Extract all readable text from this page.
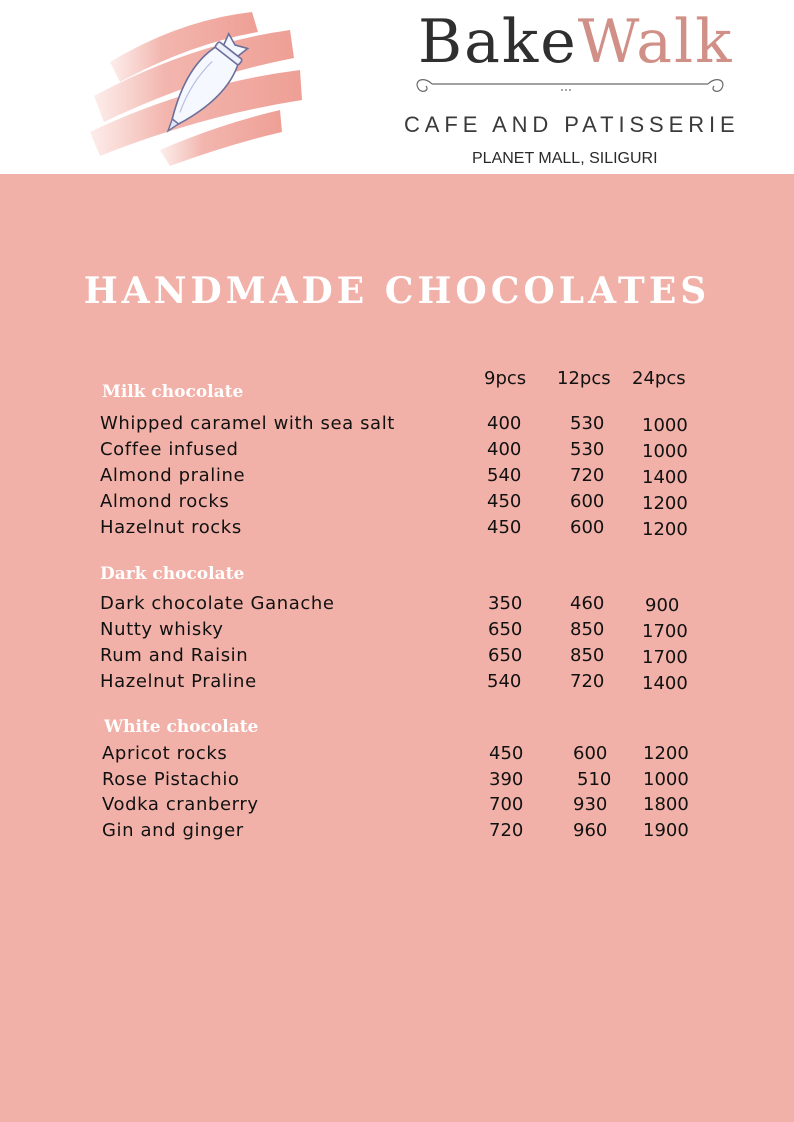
BakeWalk
CAFE AND PATISSERIE
PLANET MALL, SILIGURI
HANDMADE CHOCOLATES
9pcs 12pcs 24pcs
Milk chocolate
Whipped caramel with sea salt	400	530 1000
Coffee infused	400	530 1000
Almond praline	540	720 1400
Almond rocks	450	600 1200
Hazelnut rocks	450	600 1200
Dark chocolate
Dark chocolate Ganache	350	460 900
Nutty whisky	650	850 1700
Rum and Raisin	650	850 1700
Hazelnut Praline	540	720 1400
White chocolate
Apricot rocks	450	600 1200
Rose Pistachio	390	510 1000
Vodka cranberry	700	930 1800
Gin and ginger	720	960 1900
